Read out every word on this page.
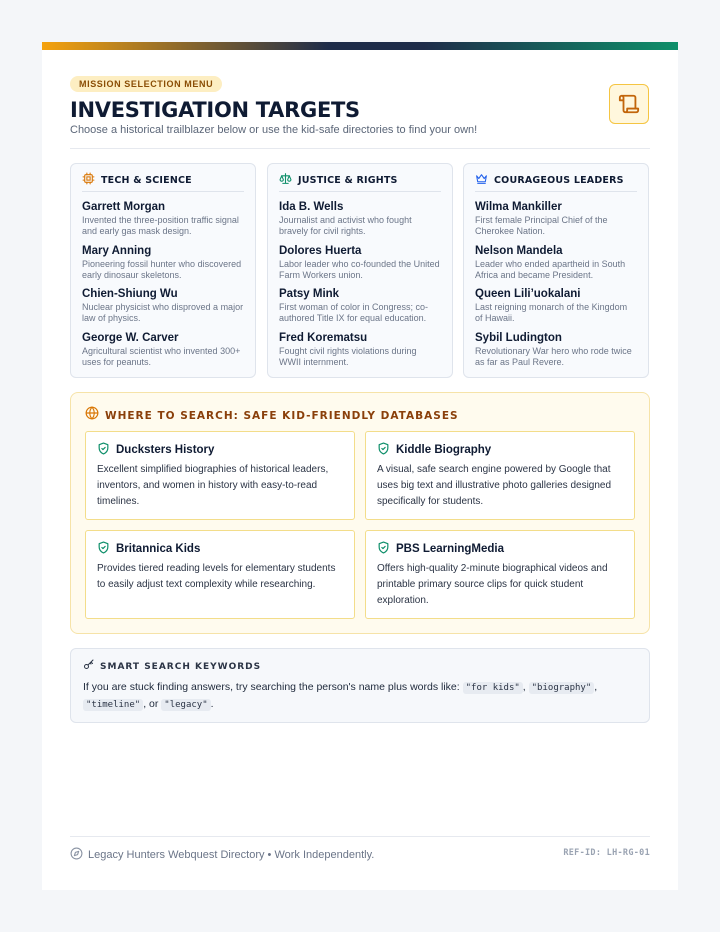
MISSION SELECTION MENU
INVESTIGATION TARGETS
Choose a historical trailblazer below or use the kid-safe directories to find your own!
TECH & SCIENCE
Garrett Morgan
Invented the three-position traffic signal and early gas mask design.
Mary Anning
Pioneering fossil hunter who discovered early dinosaur skeletons.
Chien-Shiung Wu
Nuclear physicist who disproved a major law of physics.
George W. Carver
Agricultural scientist who invented 300+ uses for peanuts.
JUSTICE & RIGHTS
Ida B. Wells
Journalist and activist who fought bravely for civil rights.
Dolores Huerta
Labor leader who co-founded the United Farm Workers union.
Patsy Mink
First woman of color in Congress; co-authored Title IX for equal education.
Fred Korematsu
Fought civil rights violations during WWII internment.
COURAGEOUS LEADERS
Wilma Mankiller
First female Principal Chief of the Cherokee Nation.
Nelson Mandela
Leader who ended apartheid in South Africa and became President.
Queen Lili’uokalani
Last reigning monarch of the Kingdom of Hawaii.
Sybil Ludington
Revolutionary War hero who rode twice as far as Paul Revere.
WHERE TO SEARCH: SAFE KID-FRIENDLY DATABASES
Ducksters History
Excellent simplified biographies of historical leaders, inventors, and women in history with easy-to-read timelines.
Kiddle Biography
A visual, safe search engine powered by Google that uses big text and illustrative photo galleries designed specifically for students.
Britannica Kids
Provides tiered reading levels for elementary students to easily adjust text complexity while researching.
PBS LearningMedia
Offers high-quality 2-minute biographical videos and printable primary source clips for quick student exploration.
SMART SEARCH KEYWORDS
If you are stuck finding answers, try searching the person's name plus words like: "for kids" , "biography" , "timeline" , or "legacy" .
Legacy Hunters Webquest Directory • Work Independently.	REF-ID: LH-RG-01
